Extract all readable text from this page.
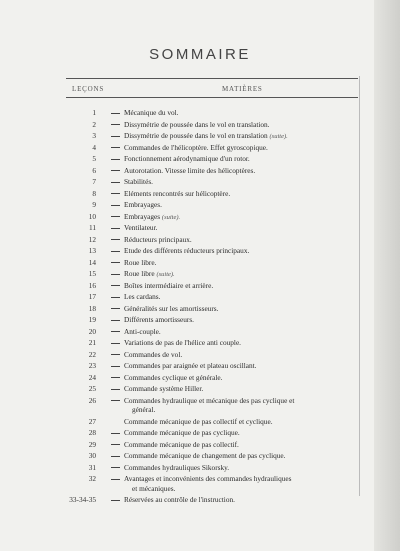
SOMMAIRE
LEÇONS	MATIÈRES
1	Mécanique du vol.
2	Dissymétrie de poussée dans le vol en translation.
3	Dissymétrie de poussée dans le vol en translation (suite).
4	Commandes de l'hélicoptère. Effet gyroscopique.
5	Fonctionnement aérodynamique d'un rotor.
6	Autorotation. Vitesse limite des hélicoptères.
7	Stabilités.
8	Eléments rencontrés sur hélicoptère.
9	Embrayages.
10	Embrayages (suite).
11	Ventilateur.
12	Réducteurs principaux.
13	Etude des différents réducteurs principaux.
14	Roue libre.
15	Roue libre (suite).
16	Boîtes intermédiaire et arrière.
17	Les cardans.
18	Généralités sur les amortisseurs.
19	Différents amortisseurs.
20	Anti-couple.
21	Variations de pas de l'hélice anti couple.
22	Commandes de vol.
23	Commandes par araignée et plateau oscillant.
24	Commandes cyclique et générale.
25	Commande système Hiller.
26	Commandes hydraulique et mécanique des pas cyclique et
général.
27	Commande mécanique de pas collectif et cyclique.
28	Commande mécanique de pas cyclique.
29	Commande mécanique de pas collectif.
30	Commande mécanique de changement de pas cyclique.
31	Commandes hydrauliques Sikorsky.
32	Avantages et inconvénients des commandes hydrauliques
et mécaniques.
33-34-35	Réservées au contrôle de l'instruction.
